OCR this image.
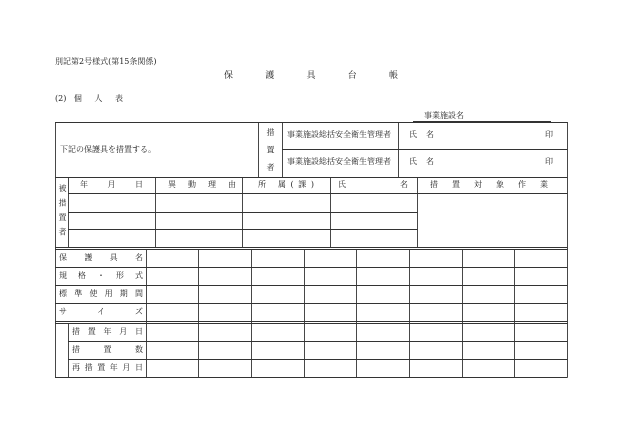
別記第2号様式(第15条関係)
保 護 具 台 帳
(2) 個 人 表
事業施設名
下記の保護具を措置する。	措置者 事業施設総括安全衛生管理者 氏 名	印
事業施設総括安全衛生管理者 氏 名	印
被措置者 年 月 日	異 動 理 由	所 属(課)	氏 名	措 置 対 象 作 業
保 護 具 名
規 格 ・ 形 式
標 準 使 用 期 間
サ イ ズ
措 置 年 月 日
措 置 数
再 措 置 年 月 日
